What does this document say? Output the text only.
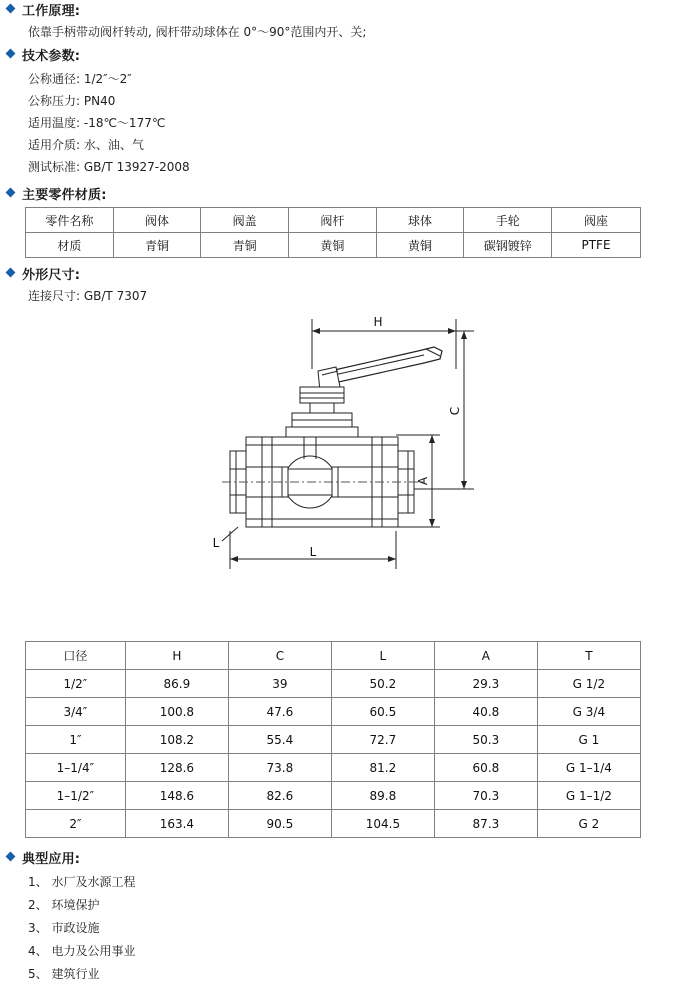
工作原理:
依靠手柄带动阀杆转动, 阀杆带动球体在 0°～90°范围内开、关;
技术参数:
公称通径: 1/2″～2″
公称压力: PN40
适用温度: -18℃～177℃
适用介质: 水、油、气
测试标准: GB/T 13927-2008
主要零件材质:
零件名称	阀体	阀盖	阀杆	球体	手轮	阀座
材质	青铜	青铜	黄铜	黄铜	碳钢镀锌	PTFE
外形尺寸:
连接尺寸: GB/T 7307
H
C
A
L
L
口径	H	C	L	A	T
1/2″	86.9	39	50.2	29.3	G 1/2
3/4″	100.8	47.6	60.5	40.8	G 3/4
1″	108.2	55.4	72.7	50.3	G 1
1–1/4″	128.6	73.8	81.2	60.8	G 1–1/4
1–1/2″	148.6	82.6	89.8	70.3	G 1–1/2
2″	163.4	90.5	104.5	87.3	G 2
典型应用:
1、 水厂及水源工程
2、 环境保护
3、 市政设施
4、 电力及公用事业
5、 建筑行业
